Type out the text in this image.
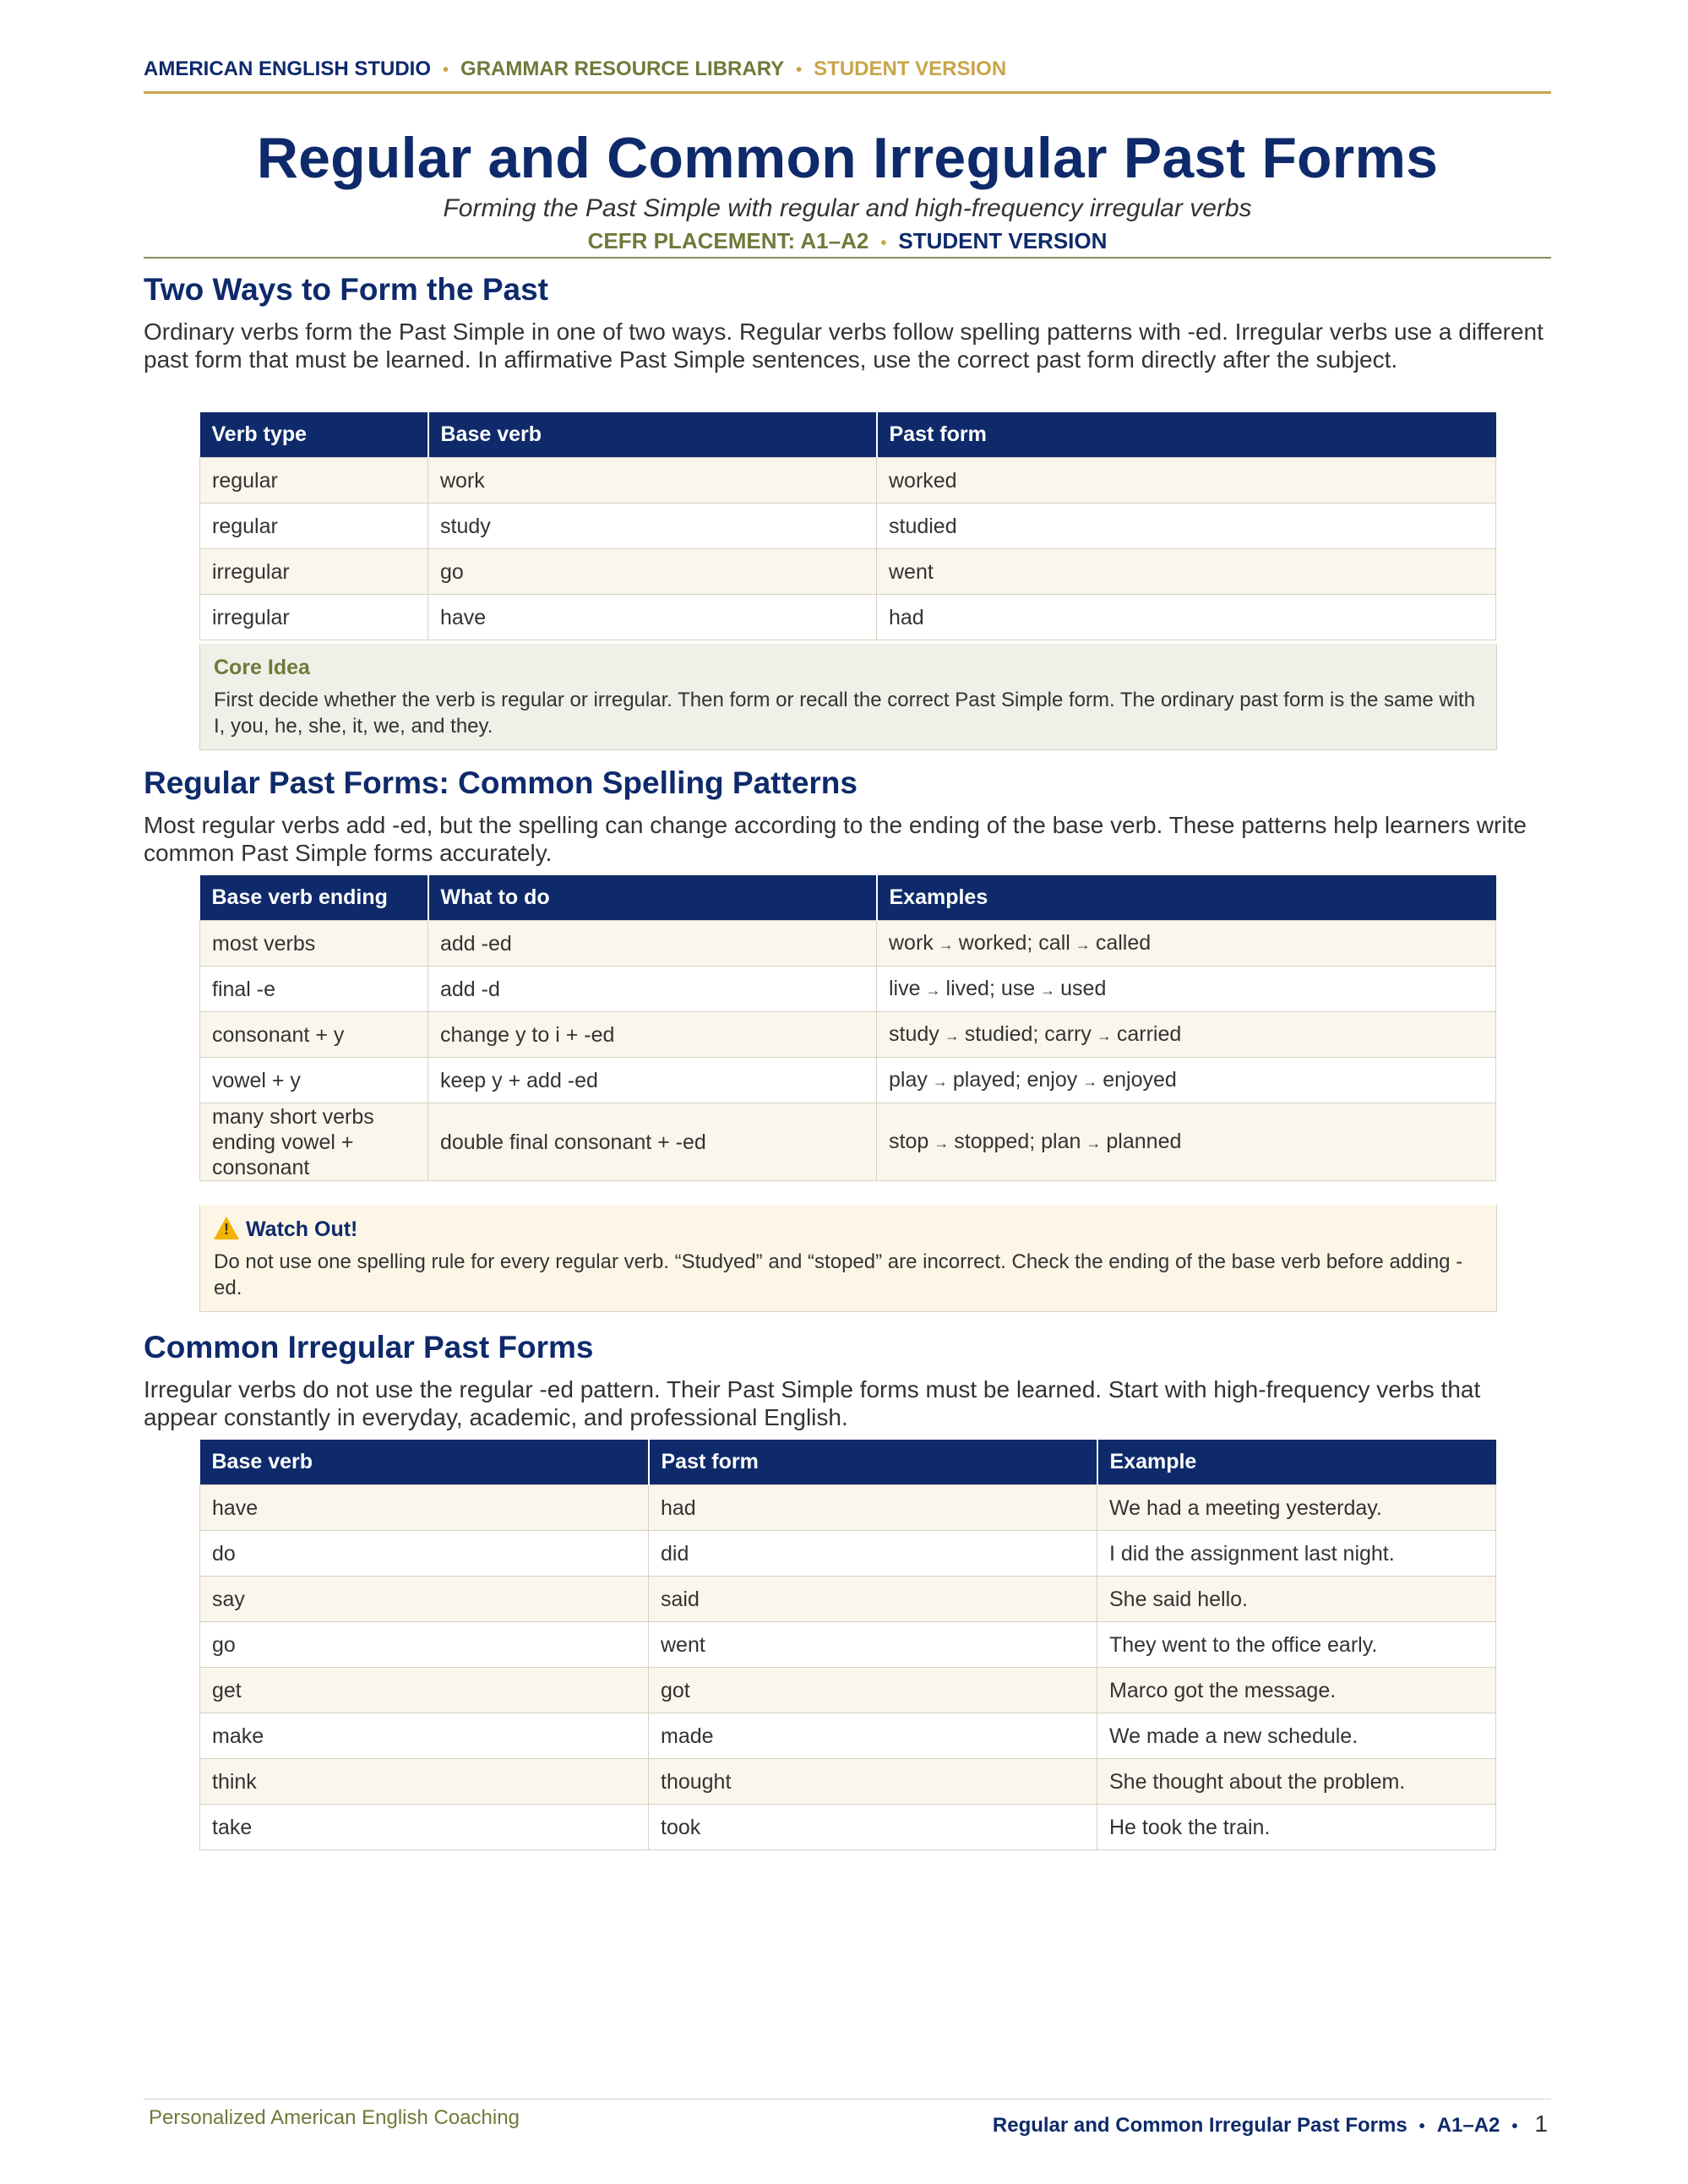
AMERICAN ENGLISH STUDIO • GRAMMAR RESOURCE LIBRARY • STUDENT VERSION
Regular and Common Irregular Past Forms
Forming the Past Simple with regular and high-frequency irregular verbs
CEFR PLACEMENT: A1–A2 • STUDENT VERSION
Two Ways to Form the Past
Ordinary verbs form the Past Simple in one of two ways. Regular verbs follow spelling patterns with -ed. Irregular verbs use a different past form that must be learned. In affirmative Past Simple sentences, use the correct past form directly after the subject.
Verb type	Base verb	Past form
regular	work	worked
regular	study	studied
irregular	go	went
irregular	have	had
Core Idea
First decide whether the verb is regular or irregular. Then form or recall the correct Past Simple form. The ordinary past form is the same with I, you, he, she, it, we, and they.
Regular Past Forms: Common Spelling Patterns
Most regular verbs add -ed, but the spelling can change according to the ending of the base verb. These patterns help learners write common Past Simple forms accurately.
Base verb ending	What to do	Examples
most verbs	add -ed	work → worked; call → called
final -e	add -d	live → lived; use → used
consonant + y	change y to i + -ed	study → studied; carry → carried
vowel + y	keep y + add -ed	play → played; enjoy → enjoyed
many short verbs ending vowel + consonant	double final consonant + -ed	stop → stopped; plan → planned
!Watch Out!
Do not use one spelling rule for every regular verb. “Studyed” and “stoped” are incorrect. Check the ending of the base verb before adding -ed.
Common Irregular Past Forms
Irregular verbs do not use the regular -ed pattern. Their Past Simple forms must be learned. Start with high-frequency verbs that appear constantly in everyday, academic, and professional English.
Base verb	Past form	Example
have	had	We had a meeting yesterday.
do	did	I did the assignment last night.
say	said	She said hello.
go	went	They went to the office early.
get	got	Marco got the message.
make	made	We made a new schedule.
think	thought	She thought about the problem.
take	took	He took the train.
Personalized American English Coaching	Regular and Common Irregular Past Forms • A1–A2 • 1
